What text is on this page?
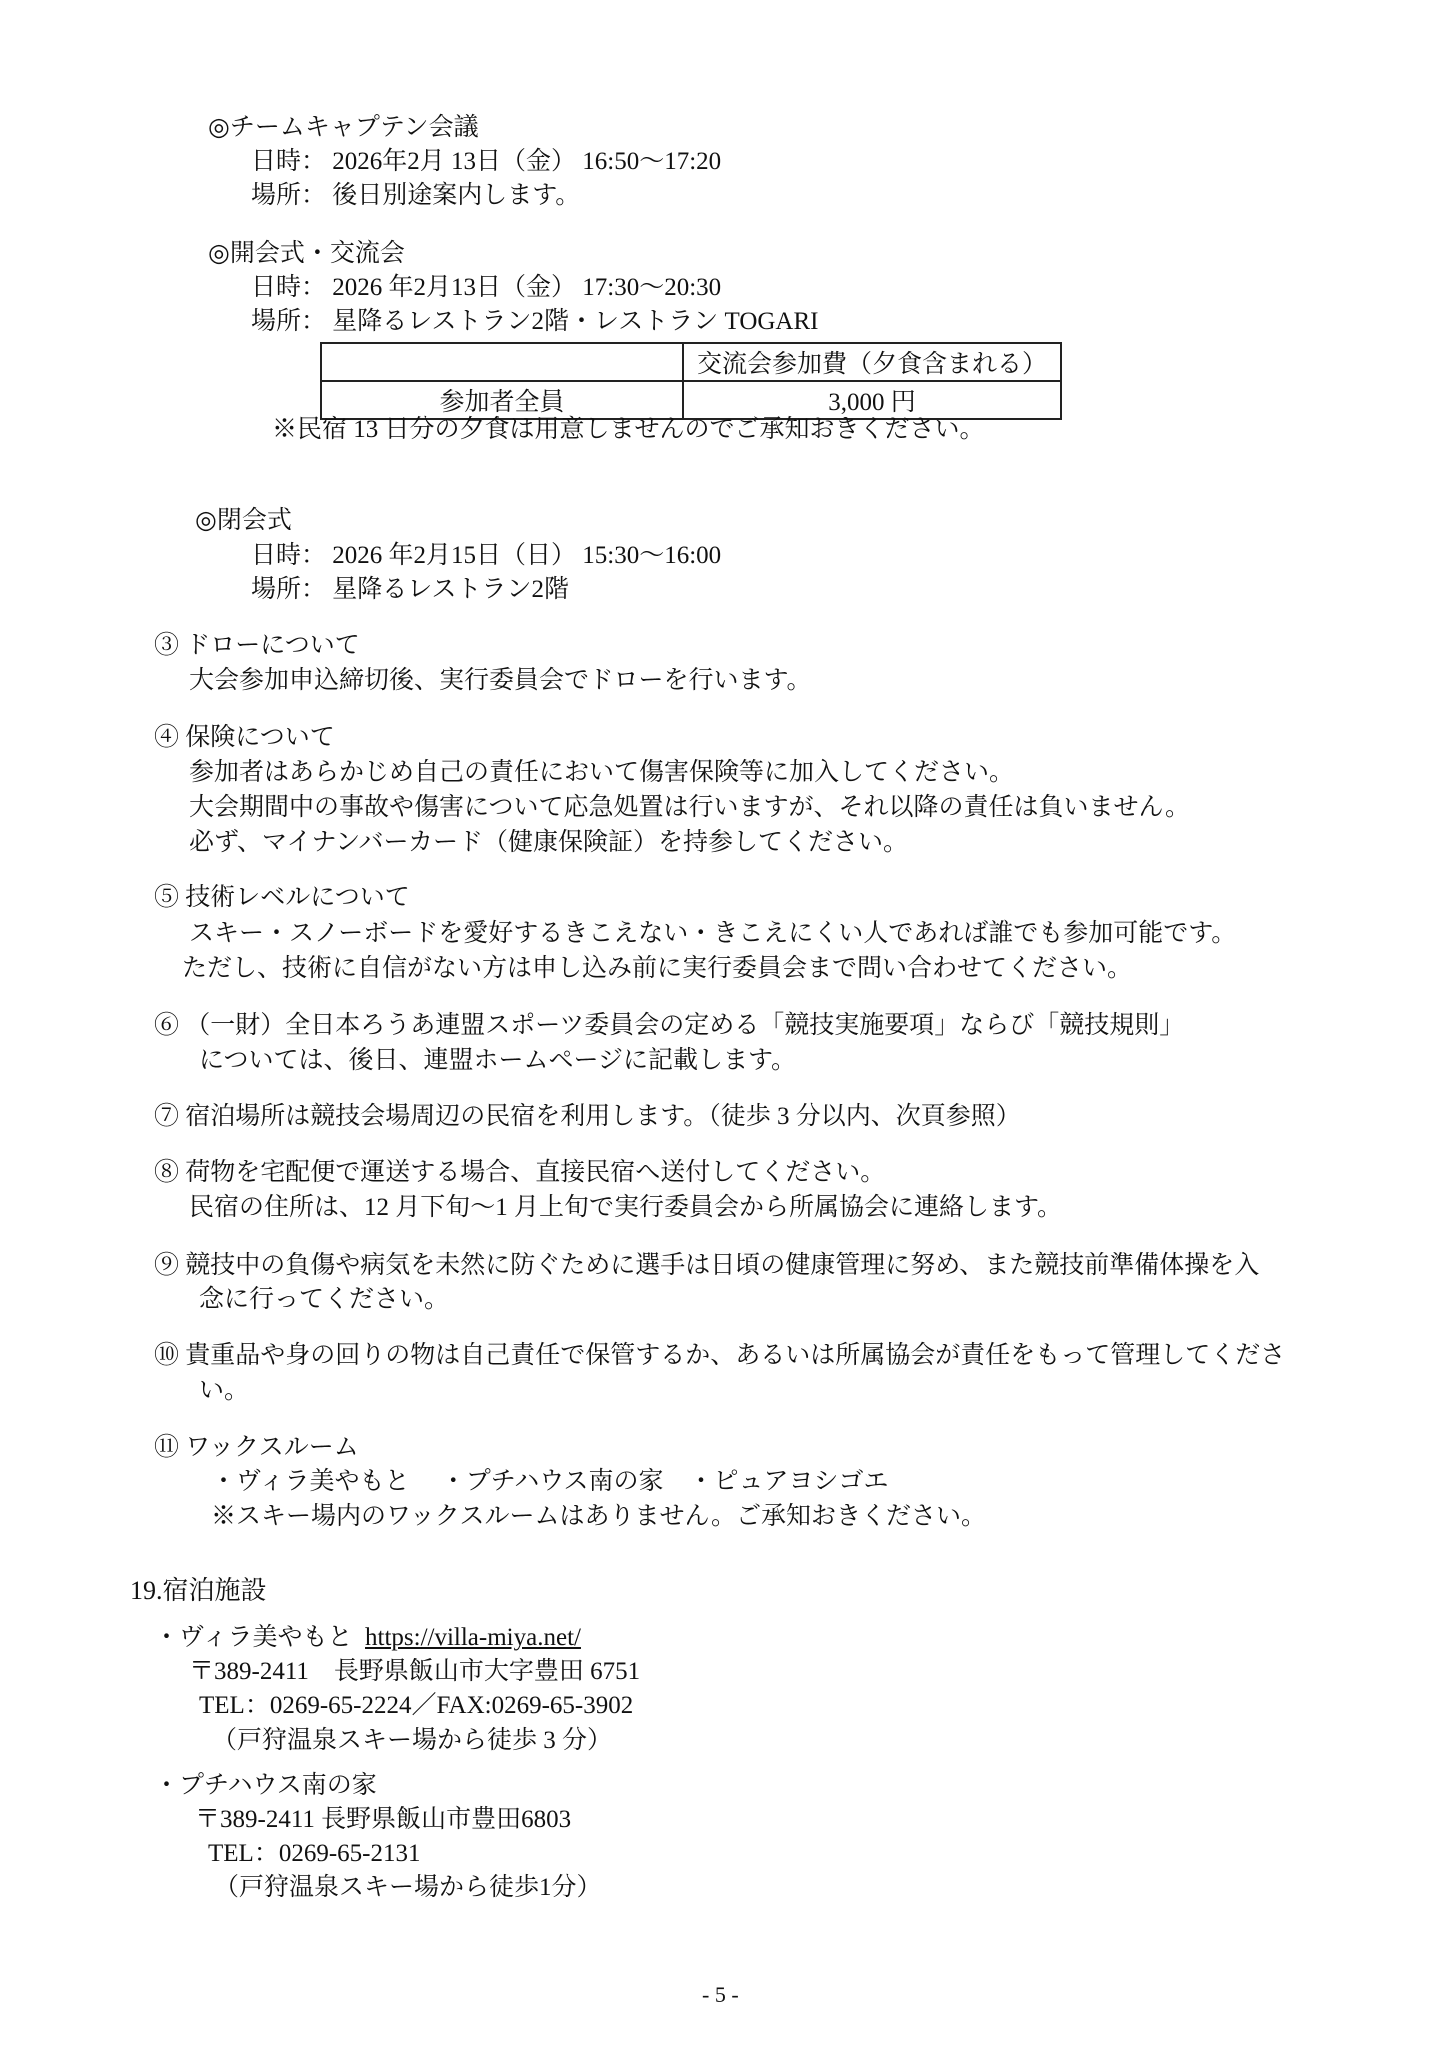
◎チームキャプテン会議
日時： 2026年2月 13日（金） 16:50～17:20
場所： 後日別途案内します。
◎開会式・交流会
日時： 2026 年2月13日（金） 17:30～20:30
場所： 星降るレストラン2階・レストラン TOGARI
	交流会参加費（夕食含まれる）
参加者全員	3,000 円
※民宿 13 日分の夕食は用意しませんのでご承知おきください。
◎閉会式
日時： 2026 年2月15日（日） 15:30～16:00
場所： 星降るレストラン2階
③ ドローについて
大会参加申込締切後、実行委員会でドローを行います。
④ 保険について
参加者はあらかじめ自己の責任において傷害保険等に加入してください。
大会期間中の事故や傷害について応急処置は行いますが、それ以降の責任は負いません。
必ず、マイナンバーカード（健康保険証）を持参してください。
⑤ 技術レベルについて
スキー・スノーボードを愛好するきこえない・きこえにくい人であれば誰でも参加可能です。
ただし、技術に自信がない方は申し込み前に実行委員会まで問い合わせてください。
⑥ （一財）全日本ろうあ連盟スポーツ委員会の定める「競技実施要項」ならび「競技規則」
については、後日、連盟ホームページに記載します。
⑦ 宿泊場所は競技会場周辺の民宿を利用します。（徒歩 3 分以内、次頁参照）
⑧ 荷物を宅配便で運送する場合、直接民宿へ送付してください。
民宿の住所は、12 月下旬～1 月上旬で実行委員会から所属協会に連絡します。
⑨ 競技中の負傷や病気を未然に防ぐために選手は日頃の健康管理に努め、また競技前準備体操を入
念に行ってください。
⑩ 貴重品や身の回りの物は自己責任で保管するか、あるいは所属協会が責任をもって管理してくださ
い。
⑪ ワックスルーム
・ヴィラ美やもと　 ・プチハウス南の家　・ピュアヨシゴエ
※スキー場内のワックスルームはありません。ご承知おきください。
19.宿泊施設
・ヴィラ美やもと https://villa-miya.net/
〒389-2411　長野県飯山市大字豊田 6751
TEL：0269-65-2224／FAX:0269-65-3902
（戸狩温泉スキー場から徒歩 3 分）
・プチハウス南の家
〒389-2411 長野県飯山市豊田6803
TEL：0269-65-2131
（戸狩温泉スキー場から徒歩1分）
- 5 -
